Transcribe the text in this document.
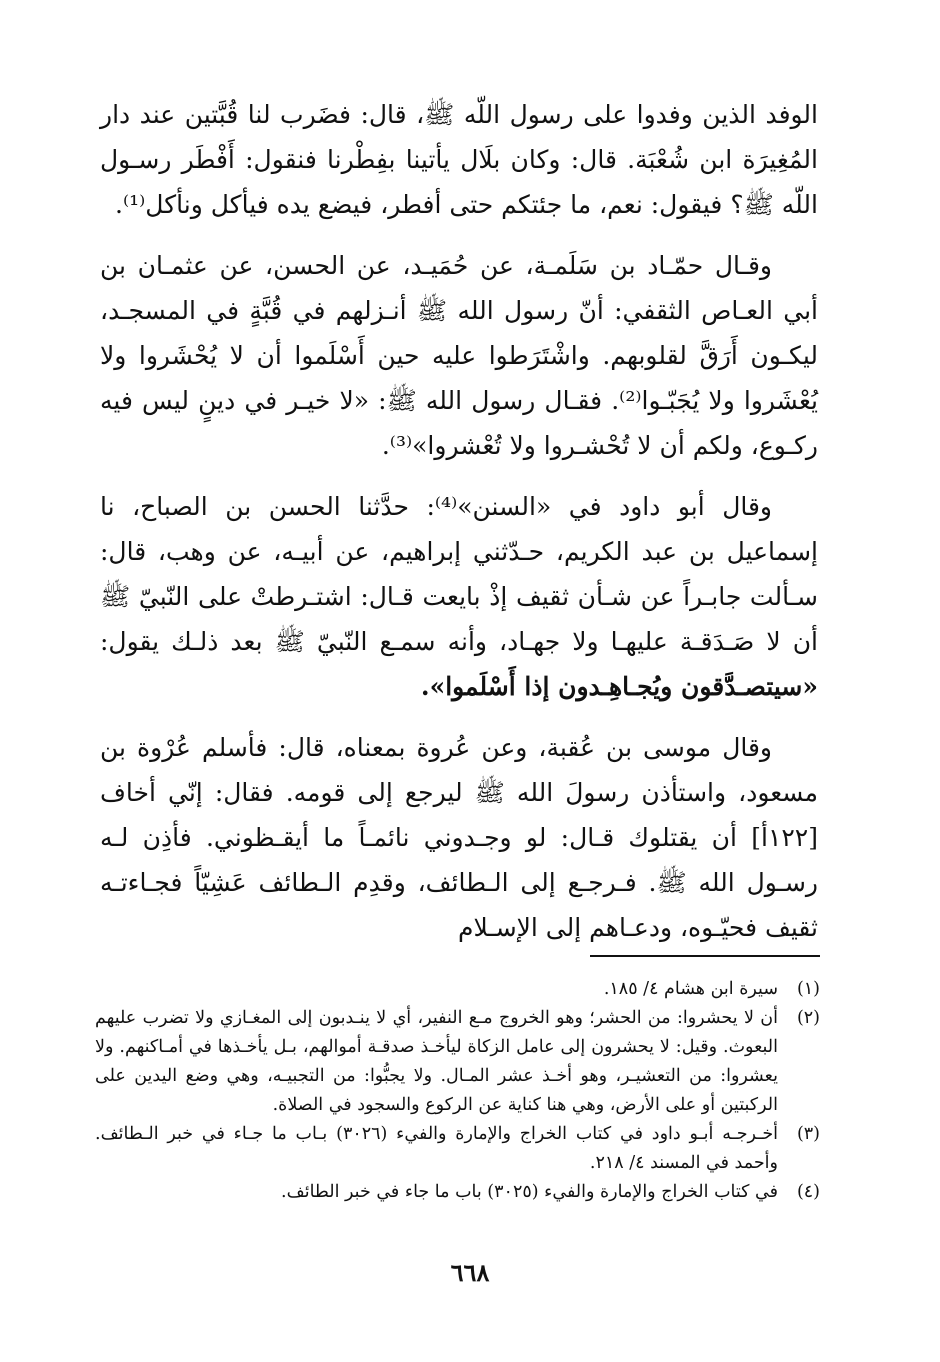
الوفد الذين وفدوا على رسول اللّه ﷺ، قال: فضَرب لنا قُبَّتين عند دار المُغِيرَة ابن شُعْبَة. قال: وكان بلَال يأتينا بفِطْرنا فنقول: أَفْطَر رسـول اللّه ﷺ؟ فيقول: نعم، ما جئتكم حتى أفطر، فيضع يده فيأكل ونأكل⁽¹⁾.

وقـال حمّـاد بن سَلَمـة، عن حُمَيـد، عن الحسن، عن عثمـان بن أبي العـاص الثقفي: أنّ رسول الله ﷺ أنـزلهم في قُبَّةٍ في المسجـد، ليكـون أَرَقَّ لقلوبهم. واشْتَرَطوا عليه حين أَسْلَموا أن لا يُحْشَروا ولا يُعْشَروا ولا يُجَبّـوا⁽²⁾. فقـال رسول الله ﷺ: «لا خيـر في دينٍ ليس فيه ركـوع، ولكم أن لا تُحْشـروا ولا تُعْشروا»⁽³⁾.

وقال أبو داود في «السنن»⁽⁴⁾: حدَّثنا الحسن بن الصباح، نا إسماعيل بن عبد الكريم، حـدّثني إبراهيم، عن أبيـه، عن وهب، قال: سـألت جابـراً عن شـأن ثقيف إذْ بايعت قـال: اشتـرطتْ على النّبيّ ﷺ أن لا صَـدَقـة عليهـا ولا جهـاد، وأنه سمـع النّبيّ ﷺ بعد ذلـك يقول: «سيتصـدَّقون ويُجـاهِـدون إذا أَسْلَموا».

وقال موسى بن عُقبة، وعن عُروة بمعناه، قال: فأسلم عُرْوة بن مسعود، واستأذن رسولَ الله ﷺ ليرجع إلى قومه. فقال: إنّي أخاف [١٢٢أ] أن يقتلوك قـال: لو وجـدوني نائمـاً ما أيقـظوني. فأذِن لـه رسـول الله ﷺ. فـرجـع إلى الـطائف، وقدِم الـطائف عَشِيّاً فجـاءتـه ثقيف فحيّـوه، ودعـاهم إلى الإسـلام

(١)
سيرة ابن هشام ٤/ ١٨٥.
(٢)
أن لا يحشروا: من الحشر؛ وهو الخروج مـع النفير، أي لا ينـدبون إلى المغـازي ولا تضرب عليهم البعوث. وقيل: لا يحشرون إلى عامل الزكاة ليأخـذ صدقـة أموالهم، بـل يأخـذها في أمـاكنهم. ولا يعشروا: من التعشيـر، وهو أخـذ عشر المـال. ولا يجبُّوا: من التجبيـه، وهي وضع اليدين على الركبتين أو على الأرض، وهي هنا كناية عن الركوع والسجود في الصلاة.
(٣)
أخـرجـه أبـو داود في كتاب الخراج والإمارة والفيء (٣٠٢٦) بـاب ما جـاء في خبر الـطائف. وأحمد في المسند ٤/ ٢١٨.
(٤)
في كتاب الخراج والإمارة والفيء (٣٠٢٥) باب ما جاء في خبر الطائف.
٦٦٨
